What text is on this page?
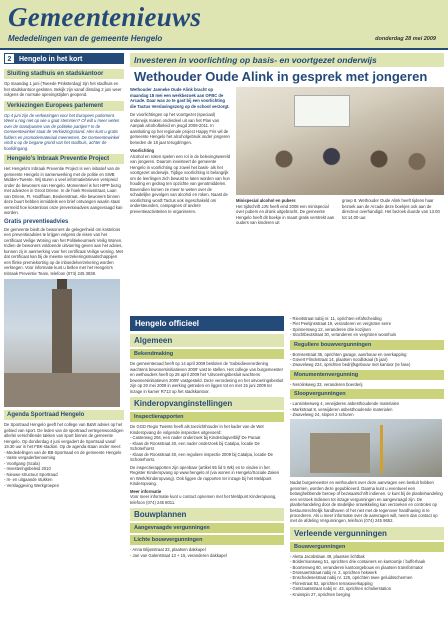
Gemeentenieuws
Mededelingen van de gemeente Hengelo	donderdag 28 mei 2009
2 Hengelo in het kort
Sluiting stadhuis en stadskantoor
Op maandag 1 juni (Tweede Pinksterdag) zijn het stadhuis en het stadskantoor gesloten. Bekijk zijn vanaf dinsdag 2 juni weer volgens de normale openingstijden geopend.
Verkiezingen Europees parlement
Op 4 juni zijn de verkiezingen voor het Europees parlement. Weet u nog niet op wie u gaat stemmen? Of wilt u meer weten over de standpunten van de politieke partijen? In de Gemeentewinkel staat de Verkiezingsstand. Hier kunt u gratis folders en promotiemateriaal meenemen. De Gemeentewinkel vindt u op de begane grond van het stadhuis, achter de hoofdingang.
Hengelo's Inbraak Preventie Project
Het Hengelo's Inbraak Preventie Project is een initiatief van de gemeente Hengelo in samenwerking met de politie en SWB Midden-Twente. Wij sturen u veel informatiebrieven verspreid onder de bewoners van Hengelo. Momenteel is het HIPP bezig met adviezen in Groot Driene. In de hoek Reviusstraat, Laan van Driene, Ft. Hoofflaan, Beukenstraat. Alle bewoners binnen deze buurt hebben inmiddels een brief ontvangen waarin staat vermeld hoe kostenloos onze preventieadvies aangevraagd kan worden.
Gratis preventieadvies
De gemeente biedt de bewoners de gelegenheid om kosteloos een preventieadvies te krijgen volgens de eisen van het certificaat Veilige Woning van het Politiekeurmerk Veilig Wonen. Indien de bewoners voldoende uitvoering geven aan het advies, kunnen zij in aanmerking voor het certificaat Veilige woning. Met dat certificaat kan bij de meeste verzekeringsmaatschappijen een flinke premiekorting op de inboedelverzekering worden verkregen. Voor informatie kunt u bellen met het Hengelo's Inbraak Preventie Team, telefoon (074) 245 3838.
Agenda Sportraad Hengelo
De Sportraad Hengelo geeft het college van B&W advies op het gebied van sport. De leden van de sportraad vertegenwoordigen allerlei verschillende takken van sport binnen de gemeente Hengelo. Op donderdag 4 juni vergadert de Sportraad vanaf 19.30 uur in het FBK-stadion. Op de agenda staan onder meer:
- Mededelingen van de BB-Sportraad en de gemeente Hengelo
- Vaste vergaderbenoeming
- Voorlgang (Scala)
- Investeringsbeleid 2010
- Nieuwe structuur Sportraad
- In- en uitgaande stukken
- Verslaggeving Werkgroepen
Investeren in voorlichting op basis- en voortgezet onderwijs
Wethouder Oude Alink in gesprek met jongeren
Wethouder Janneke Oude Alink bracht op maandag 18 mei een werkbezoek aan OFBC de Arcade. Daar was zo te gast bij een voorlichting die Tactus Verslavingszorg op de school verzorgt.
De voorlichtingen op het voortgezet (speciaal) onderwijs maken onderdeel uit van het Plan van Aanpak alcoholbeleid en jeugd 2008-2011. In aansluiting op het regionale project Happy Fris wil de gemeente Hengelo het alcoholgebruik onder jongeren beneden de 18 jaar terugdringen.
Voorlichting
Alcohol en roken spelen een rol in de belevingswereld van jongeren. Daarom investeert de gemeente Hengelo in voorlichting op zowel het basis- als het voortgezet onderwijs. Tijdige voorlichting is belangrijk om de leerlingen zich bewust te laten worden van hun houding en gedrag ten opzichte van genotmiddelen. Bovendien komen ze meer te weten over de schadelijke gevolgen van alcohol en roken. Naast de voorlichting wordt Tactus ook ingeschakeld om ondersteunden, campagnes of andere preventieactiviteiten te organiseren.
Minispecial alcohol en pubers
Het tijdschrift JJN heeft eind 2008 een minispecial over pubers en drank uitgebracht. De gemeente Hengelo heeft dit boekje in maart gratis verstrekt aan ouders van kinderen uit
groep 8. Wethouder Oude Alink heeft tijdens haar bezoek aan de Arcade deze boekjes ook aan de directeur overhandigd. Het bezoek duurde van 13.00 tot 14.00 uur.
Hengelo officieel
Algemeen
Bekendmaking
De gemeenteraad heeft op 14 april 2009 besloten de 'Subsidieverordening wachtens bewonersinitiatieven 2009' vast te stellen. Het college van burgemeester en wethouders heeft op 28 april 2009 het 'Uitvoeringsbesluit wachtens bewonersinitiatieven 2009' vastgesteld. Deze verordening en het uitvoeringsbesluit zijn op 20 mei 2009 in werking getreden en liggen tot en met 15 juni 2009 ter inzage in kamer R713 op het stadskantoor.
Kinderopvanginstellingen
Inspectierapporten
De GGD Regio Twente heeft als toezichthouder in het kader van de Wet Kinderopvang de volgende inspecties uitgevoerd:
- Casterweg 294, een nader onderzoek bij Kinderdagverblijf De Paraat
- Klaas de Roosstraat 40, een nader onderzoek bij Catalpa, locatie De Schoterhorst
- Klaas de Roosstraat 40, een reguliere inspectie 2009 bij Catalpa, locatie De Schoterhorst.
De inspectierapporten zijn openbaar (artikel 65 lid 5 Wk) en te vinden in het Register Kinderopvang op www.hengelo.nl (via wonen in Hengelo/Sociale Zaken en Werk/Kinderopvang). Ook liggen de rapporten ter inzage bij het Meldpunt Kinderopvang.
Meer informatie
Voor meer informatie kunt u contact opnemen met het Meldpunt Kinderopvang, telefoon (074) 245 8011.
Bouwplannen
Aangevraagde vergunningen
Lichte bouwvergunningen
- Anna Blijosstraat 33, plaatsen dakkapel
- Jan van Galenstraat 13 + 15, veranderen dakkapel
- Rievitstraat nabij nr. 11, oprichten erfafscheiding
- Piet Peetijnsstraat 19, veranderen en vergroten serre
- Spinnersweg 12, veranderen drie kozijnen
- Stochtbeutstraat 30, veranderen en vergroten woonhuis
Reguliere bouwvergunningen
- Bornsestraat 35, oprichten garage, aanrbouw en overkapping
- Govert Flinckstraat 14, plaatsen noodlokaal (5 jaar)
- Zwavelweg 224, oprichten bedrijfsgebouw met kantoor (Ie fase)
Monumentenvergunning
- Nerolinkweg 33, veranderen boerderij
Sloopvergunningen
- Lansinkesweg 4, verwijderen asbesthoudende materialen
- Markstraat 8, verwijderen asbesthoudende materialen
- Zwavelweg 24, slopen 2 schuren
Nadat burgemeester en wethouders over deze aanvragen een besluit hebben genomen, worden deze gepubliceerd. Daarna kunt u eventueel een belanghebbende beroep of bezwaarschrift indienen. U kunt bij de planbehandeling een verzoek indienen tot inzage vergunningen en aangevraagd zijn. De planbehandeling door de stedelijke ontwikkeling kan verzoeken en controles op bestuursrechtelijk handhaven of het niet met de tegenover handhaving in te procederen. Als u meer informatie over de aanvragen wilt, neem dan contact op met de afdeling Vergunningen, telefoon (074) 245 9652.
Verleende vergunningen
Bouwvergunningen
- Aletta Jacobslaan 49, plaatsen lichtbak
- Boldermansweg 51, oprichten drie containers en kantoortje / bufferhaak
- Boortenweg 60, veranderen kantoorgebouw en plaatsen transformator
- Drossaertstraat nabij nr. 2, oprichten hekwerk
- Enschedesestraat nabij nr. 125, oprichten twee geluidsschermen
- Florestraat 92, oprichten terrasoverkapping
- Getszaatsstraat nabij nr. 43, oprichten scholierstation
- Kruisspin 27, oprichten berging
